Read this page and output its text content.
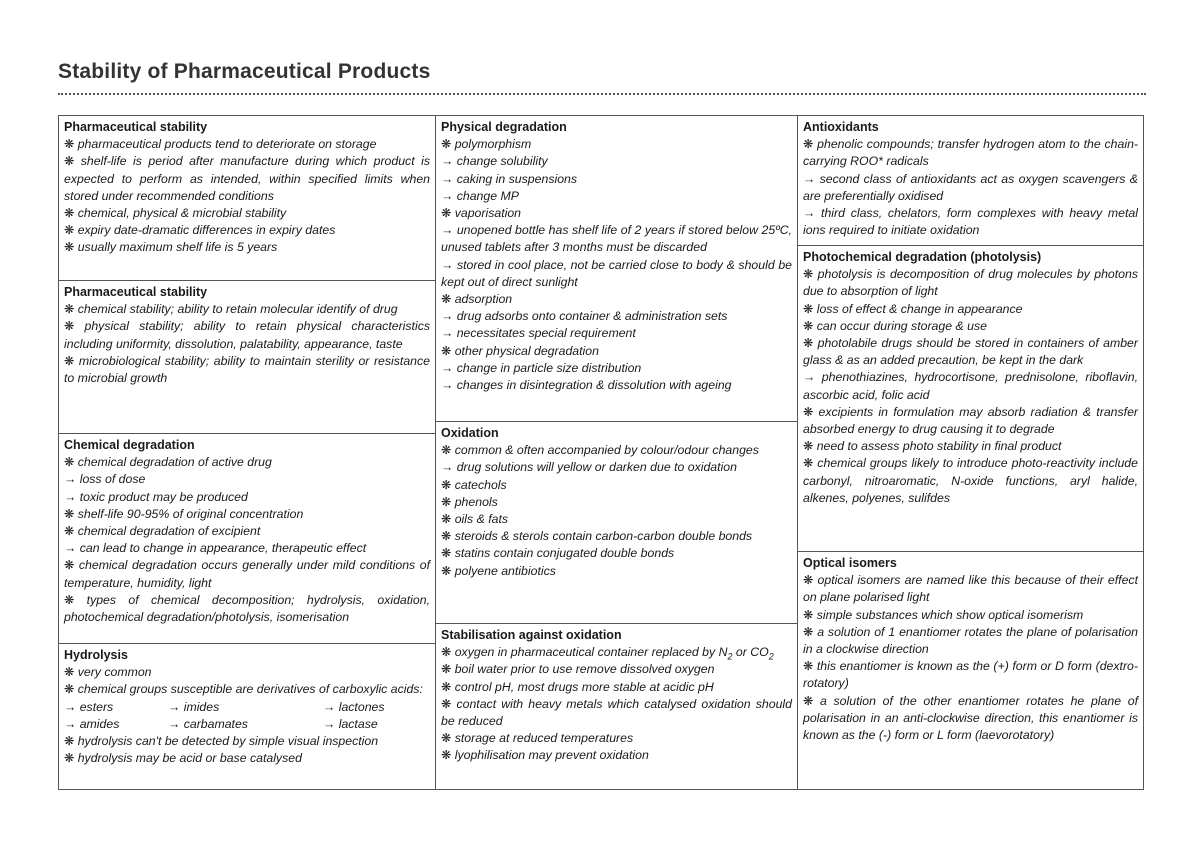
Stability of Pharmaceutical Products
Pharmaceutical stability
❋ pharmaceutical products tend to deteriorate on storage
❋ shelf-life is period after manufacture during which product is expected to perform as intended, within specified limits when stored under recommended conditions
❋ chemical, physical & microbial stability
❋ expiry date-dramatic differences in expiry dates
❋ usually maximum shelf life is 5 years
Pharmaceutical stability
❋ chemical stability; ability to retain molecular identify of drug
❋ physical stability; ability to retain physical characteristics including uniformity, dissolution, palatability, appearance, taste
❋ microbiological stability; ability to maintain sterility or resistance to microbial growth
Chemical degradation
❋ chemical degradation of active drug
→ loss of dose
→ toxic product may be produced
❋ shelf-life 90-95% of original concentration
❋ chemical degradation of excipient
→ can lead to change in appearance, therapeutic effect
❋ chemical degradation occurs generally under mild conditions of temperature, humidity, light
❋ types of chemical decomposition; hydrolysis, oxidation, photochemical degradation/photolysis, isomerisation
Hydrolysis
❋ very common
❋ chemical groups susceptible are derivatives of carboxylic acids:
→ esters	→ imides	→ lactones
→ amides	→ carbamates	→ lactase
❋ hydrolysis can't be detected by simple visual inspection
❋ hydrolysis may be acid or base catalysed
Physical degradation
❋ polymorphism
→ change solubility
→ caking in suspensions
→ change MP
❋ vaporisation
→ unopened bottle has shelf life of 2 years if stored below 25ºC, unused tablets after 3 months must be discarded
→ stored in cool place, not be carried close to body & should be kept out of direct sunlight
❋ adsorption
→ drug adsorbs onto container & administration sets
→ necessitates special requirement
❋ other physical degradation
→ change in particle size distribution
→ changes in disintegration & dissolution with ageing
Oxidation
❋ common & often accompanied by colour/odour changes
→ drug solutions will yellow or darken due to oxidation
❋ catechols
❋ phenols
❋ oils & fats
❋ steroids & sterols contain carbon-carbon double bonds
❋ statins contain conjugated double bonds
❋ polyene antibiotics
Stabilisation against oxidation
❋ oxygen in pharmaceutical container replaced by $N_2$ or $CO_2$
❋ boil water prior to use remove dissolved oxygen
❋ control pH, most drugs more stable at acidic pH
❋ contact with heavy metals which catalysed oxidation should be reduced
❋ storage at reduced temperatures
❋ lyophilisation may prevent oxidation
Antioxidants
❋ phenolic compounds; transfer hydrogen atom to the chain-carrying ROO* radicals
→ second class of antioxidants act as oxygen scavengers & are preferentially oxidised
→ third class, chelators, form complexes with heavy metal ions required to initiate oxidation
Photochemical degradation (photolysis)
❋ photolysis is decomposition of drug molecules by photons due to absorption of light
❋ loss of effect & change in appearance
❋ can occur during storage & use
❋ photolabile drugs should be stored in containers of amber glass & as an added precaution, be kept in the dark
→ phenothiazines, hydrocortisone, prednisolone, riboflavin, ascorbic acid, folic acid
❋ excipients in formulation may absorb radiation & transfer absorbed energy to drug causing it to degrade
❋ need to assess photo stability in final product
❋ chemical groups likely to introduce photo-reactivity include carbonyl, nitroaromatic, N-oxide functions, aryl halide, alkenes, polyenes, sulifdes
Optical isomers
❋ optical isomers are named like this because of their effect on plane polarised light
❋ simple substances which show optical isomerism
❋ a solution of 1 enantiomer rotates the plane of polarisation in a clockwise direction
❋ this enantiomer is known as the (+) form or D form (dextro-rotatory)
❋ a solution of the other enantiomer rotates he plane of polarisation in an anti-clockwise direction, this enantiomer is known as the (-) form or L form (laevorotatory)
